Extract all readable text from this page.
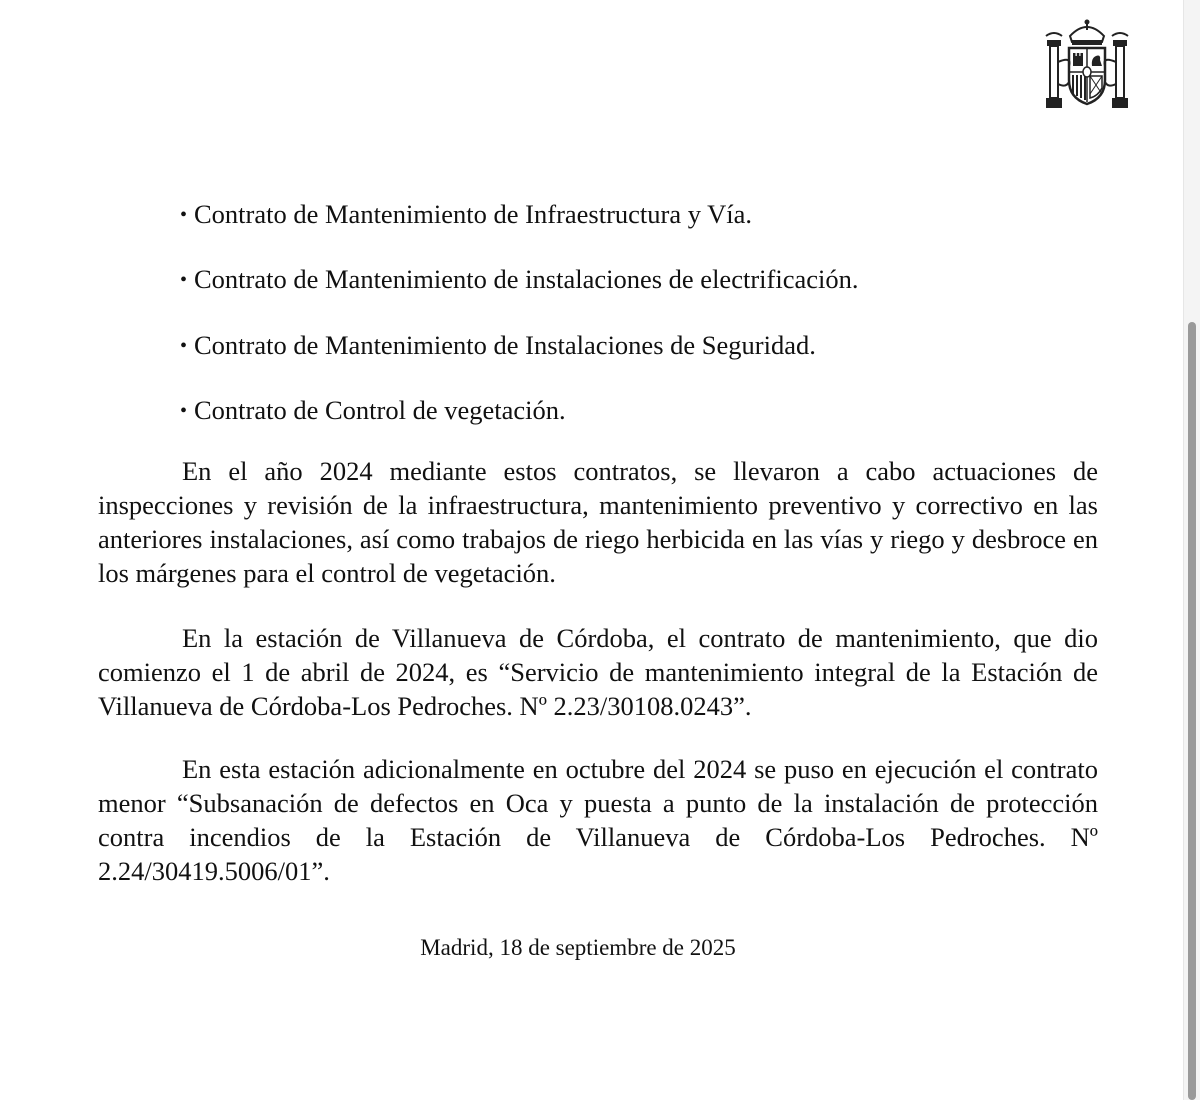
• Contrato de Mantenimiento de Infraestructura y Vía.
• Contrato de Mantenimiento de instalaciones de electrificación.
• Contrato de Mantenimiento de Instalaciones de Seguridad.
• Contrato de Control de vegetación.

En el año 2024 mediante estos contratos, se llevaron a cabo actuaciones de inspecciones y revisión de la infraestructura, mantenimiento preventivo y correctivo en las anteriores instalaciones, así como trabajos de riego herbicida en las vías y riego y desbroce en los márgenes para el control de vegetación.

En la estación de Villanueva de Córdoba, el contrato de mantenimiento, que dio comienzo el 1 de abril de 2024, es “Servicio de mantenimiento integral de la Estación de Villanueva de Córdoba-Los Pedroches. Nº 2.23/30108.0243”.

En esta estación adicionalmente en octubre del 2024 se puso en ejecución el contrato menor “Subsanación de defectos en Oca y puesta a punto de la instalación de protección contra incendios de la Estación de Villanueva de Córdoba-Los Pedroches. Nº 2.24/30419.5006/01”.

Madrid, 18 de septiembre de 2025
